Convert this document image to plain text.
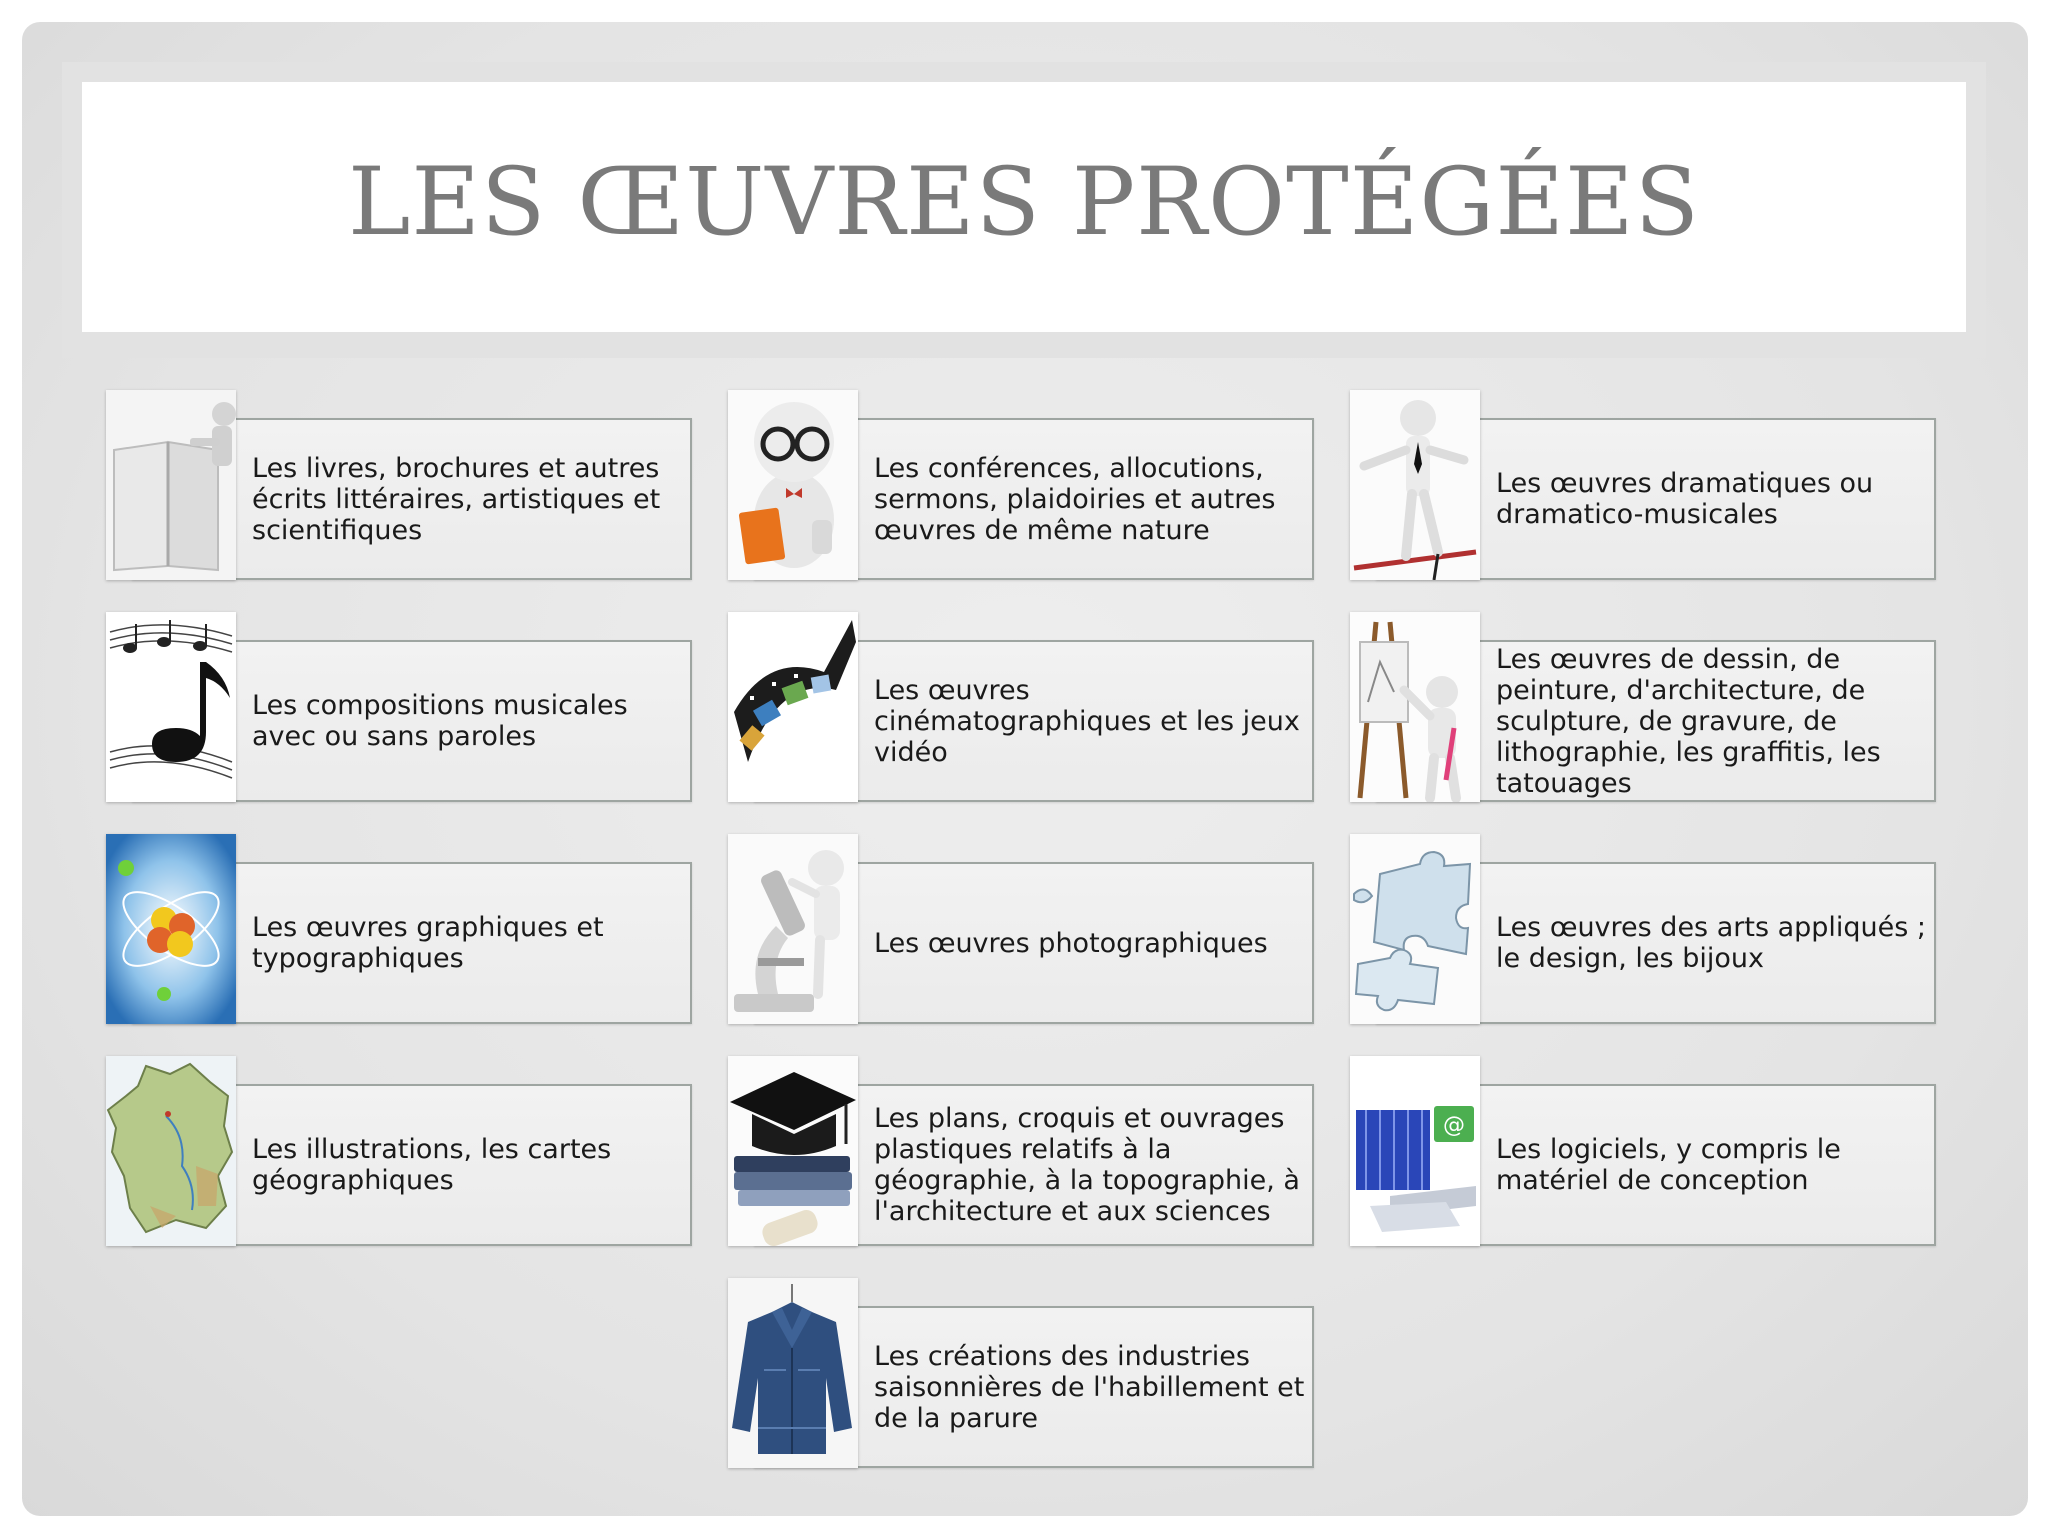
LES ŒUVRES PROTÉGÉES
Les livres, brochures et autres écrits littéraires, artistiques et scientifiques
Les conférences, allocutions, sermons, plaidoiries et autres œuvres de même nature
Les œuvres dramatiques ou dramatico-musicales
Les compositions musicales avec ou sans paroles
Les œuvres cinématographiques et les jeux vidéo
Les œuvres de dessin, de peinture, d'architecture, de sculpture, de gravure, de lithographie, les graffitis, les tatouages
Les œuvres graphiques et typographiques	Les œuvres photographiques	Les œuvres des arts appliqués ; le design, les bijoux
Les illustrations, les cartes géographiques
Les plans, croquis et ouvrages plastiques relatifs à la géographie, à la topographie, à l'architecture et aux sciences
@
Les logiciels, y compris le matériel de conception
Les créations des industries saisonnières de l'habillement et de la parure
